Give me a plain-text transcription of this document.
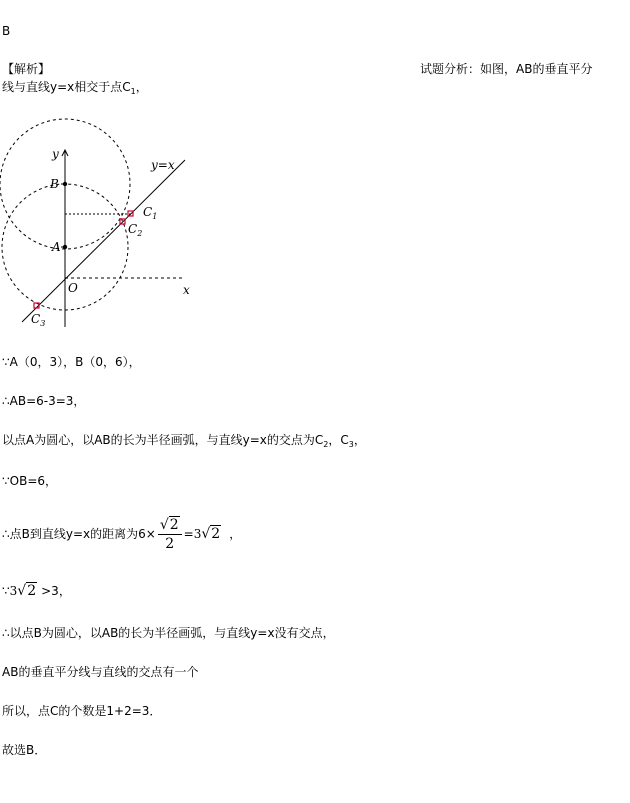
B
【解析】	试题分析：如图，AB的垂直平分
线与直线y=x相交于点$C_1$，
y
y=x
B
A
O	x
$C_1$
$C_2$
$C_3$
∵A（0，3），B（0，6），
∴AB=6-3=3，
以点A为圆心，以AB的长为半径画弧，与直线y=x的交点为$C_2$，$C_3$，
∵OB=6，
∴点B到直线y=x的距离为$6\times \frac{√2}{2} =3√2$ ，
∵3√2 >3，
∴以点B为圆心，以AB的长为半径画弧，与直线y=x没有交点，
AB的垂直平分线与直线的交点有一个
所以，点C的个数是1+2=3．
故选B．
